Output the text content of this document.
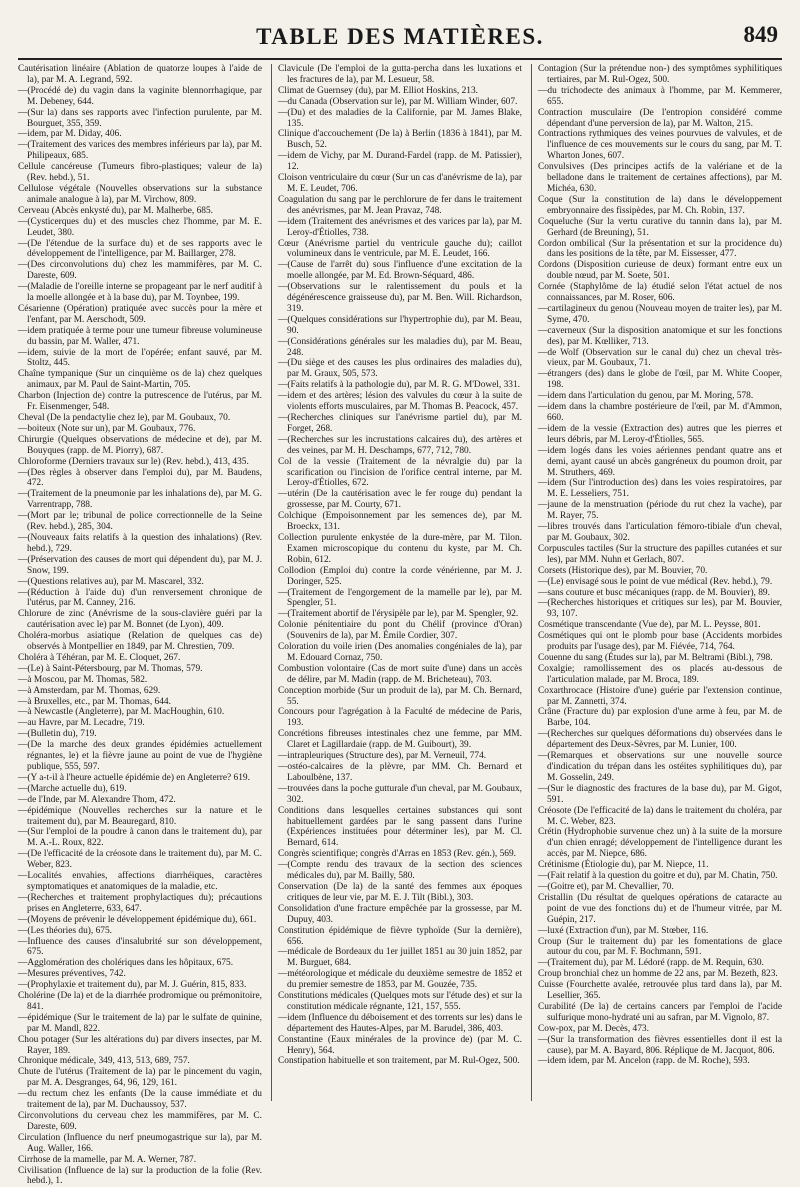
TABLE DES MATIÈRES.	849

Cautérisation linéaire (Ablation de quatorze loupes à l'aide de la), par M. A. Legrand, 592.

—(Procédé de) du vagin dans la vaginite blennorrhagique, par M. Debeney, 644.

—(Sur la) dans ses rapports avec l'infection purulente, par M. Bourguet, 355, 359.

—idem, par M. Diday, 406.

—(Traitement des varices des membres inférieurs par la), par M. Philipeaux, 685.

Cellule cancéreuse (Tumeurs fibro-plastiques; valeur de la) (Rev. hebd.), 51.

Cellulose végétale (Nouvelles observations sur la substance animale analogue à la), par M. Virchow, 809.

Cerveau (Abcès enkysté du), par M. Malherbe, 685.

—(Cysticerques du) et des muscles chez l'homme, par M. E. Leudet, 380.

—(De l'étendue de la surface du) et de ses rapports avec le développement de l'intelligence, par M. Baillarger, 278.

—(Des circonvolutions du) chez les mammifères, par M. C. Dareste, 609.

—(Maladie de l'oreille interne se propageant par le nerf auditif à la moelle allongée et à la base du), par M. Toynbee, 199.

Césarienne (Opération) pratiquée avec succès pour la mère et l'enfant, par M. Aerschodt, 509.

—idem pratiquée à terme pour une tumeur fibreuse volumineuse du bassin, par M. Waller, 471.

—idem, suivie de la mort de l'opérée; enfant sauvé, par M. Stoltz, 445.

Chaîne tympanique (Sur un cinquième os de la) chez quelques animaux, par M. Paul de Saint-Martin, 705.

Charbon (Injection de) contre la putrescence de l'utérus, par M. Fr. Eisenmenger, 548.

Cheval (De la pendactylie chez le), par M. Goubaux, 70.

—boiteux (Note sur un), par M. Goubaux, 776.

Chirurgie (Quelques observations de médecine et de), par M. Bouyques (rapp. de M. Piorry), 687.

Chloroforme (Derniers travaux sur le) (Rev. hebd.), 413, 435.

—(Des règles à observer dans l'emploi du), par M. Baudens, 472.

—(Traitement de la pneumonie par les inhalations de), par M. G. Varrentrapp, 788.

—(Mort par le; tribunal de police correctionnelle de la Seine (Rev. hebd.), 285, 304.

—(Nouveaux faits relatifs à la question des inhalations) (Rev. hebd.), 729.

—(Préservation des causes de mort qui dépendent du), par M. J. Snow, 199.

—(Questions relatives au), par M. Mascarel, 332.

—(Réduction à l'aide du) d'un renversement chronique de l'utérus, par M. Canney, 216.

Chlorure de zinc (Anévrisme de la sous-clavière guéri par la cautérisation avec le) par M. Bonnet (de Lyon), 409.

Choléra-morbus asiatique (Relation de quelques cas de) observés à Montpellier en 1849, par M. Chrestien, 709.

Choléra à Téhéran, par M. E. Cloquet, 267.

—(Le) à Saint-Pétersbourg, par M. Thomas, 579.

—à Moscou, par M. Thomas, 582.

—à Amsterdam, par M. Thomas, 629.

—à Bruxelles, etc., par M. Thomas, 644.

—à Newcastle (Angleterre), par M. MacHoughin, 610.

—au Havre, par M. Lecadre, 719.

—(Bulletin du), 719.

—(De la marche des deux grandes épidémies actuellement régnantes, le) et la fièvre jaune au point de vue de l'hygiène publique, 555, 597.

—(Y a-t-il à l'heure actuelle épidémie de) en Angleterre? 619.

—(Marche actuelle du), 619.

—de l'Inde, par M. Alexandre Thom, 472.

—épidémique (Nouvelles recherches sur la nature et le traitement du), par M. Beauregard, 810.

—(Sur l'emploi de la poudre à canon dans le traitement du), par M. A.-L. Roux, 822.

—(De l'efficacité de la créosote dans le traitement du), par M. C. Weber, 823.

—Localités envahies, affections diarrhéiques, caractères symptomatiques et anatomiques de la maladie, etc.

—(Recherches et traitement prophylactiques du); précautions prises en Angleterre, 633, 647.

—(Moyens de prévenir le développement épidémique du), 661.

—(Les théories du), 675.

—Influence des causes d'insalubrité sur son développement, 675.

—Agglomération des cholériques dans les hôpitaux, 675.

—Mesures préventives, 742.

—(Prophylaxie et traitement du), par M. J. Guérin, 815, 833.

Cholérine (De la) et de la diarrhée prodromique ou prémonitoire, 841.

—épidémique (Sur le traitement de la) par le sulfate de quinine, par M. Mandl, 822.

Chou potager (Sur les altérations du) par divers insectes, par M. Rayer, 189.

Chronique médicale, 349, 413, 513, 689, 757.

Chute de l'utérus (Traitement de la) par le pincement du vagin, par M. A. Desgranges, 64, 96, 129, 161.

—du rectum chez les enfants (De la cause immédiate et du traitement de la), par M. Duchaussoy, 537.

Circonvolutions du cerveau chez les mammifères, par M. C. Dareste, 609.

Circulation (Influence du nerf pneumogastrique sur la), par M. Aug. Waller, 166.

Cirrhose de la mamelle, par M. A. Werner, 787.

Civilisation (Influence de la) sur la production de la folie (Rev. hebd.), 1.

Clavicule (De l'emploi de la gutta-percha dans les luxations et les fractures de la), par M. Lesueur, 58.

Climat de Guernsey (du), par M. Elliot Hoskins, 213.

—du Canada (Observation sur le), par M. William Winder, 607.

—(Du) et des maladies de la Californie, par M. James Blake, 135.

Clinique d'accouchement (De la) à Berlin (1836 à 1841), par M. Busch, 52.

—idem de Vichy, par M. Durand-Fardel (rapp. de M. Patissier), 12.

Cloison ventriculaire du cœur (Sur un cas d'anévrisme de la), par M. E. Leudet, 706.

Coagulation du sang par le perchlorure de fer dans le traitement des anévrismes, par M. Jean Pravaz, 748.

—idem (Traitement des anévrismes et des varices par la), par M. Leroy-d'Étiolles, 738.

Cœur (Anévrisme partiel du ventricule gauche du); caillot volumineux dans le ventricule, par M. E. Leudet, 166.

—(Cause de l'arrêt du) sous l'influence d'une excitation de la moelle allongée, par M. Ed. Brown-Séquard, 486.

—(Observations sur le ralentissement du pouls et la dégénérescence graisseuse du), par M. Ben. Will. Richardson, 319.

—(Quelques considérations sur l'hypertrophie du), par M. Beau, 90.

—(Considérations générales sur les maladies du), par M. Beau, 248.

—(Du siège et des causes les plus ordinaires des maladies du), par M. Graux, 505, 573.

—(Faits relatifs à la pathologie du), par M. R. G. M'Dowel, 331.

—idem et des artères; lésion des valvules du cœur à la suite de violents efforts musculaires, par M. Thomas B. Peacock, 457.

—(Recherches cliniques sur l'anévrisme partiel du), par M. Forget, 268.

—(Recherches sur les incrustations calcaires du), des artères et des veines, par M. H. Deschamps, 677, 712, 780.

Col de la vessie (Traitement de la névralgie du) par la scarification ou l'incision de l'orifice central interne, par M. Leroy-d'Étiolles, 672.

—utérin (De la cautérisation avec le fer rouge du) pendant la grossesse, par M. Courty, 671.

Colchique (Empoisonnement par les semences de), par M. Broeckx, 131.

Collection purulente enkystée de la dure-mère, par M. Tilon. Examen microscopique du contenu du kyste, par M. Ch. Robin, 612.

Collodion (Emploi du) contre la corde vénérienne, par M. J. Doringer, 525.

—(Traitement de l'engorgement de la mamelle par le), par M. Spengler, 51.

—(Traitement abortif de l'érysipèle par le), par M. Spengler, 92.

Colonie pénitentiaire du pont du Chélif (province d'Oran) (Souvenirs de la), par M. Émile Cordier, 307.

Coloration du voile irien (Des anomalies congéniales de la), par M. Edouard Cornaz, 750.

Combustion volontaire (Cas de mort suite d'une) dans un accès de délire, par M. Madin (rapp. de M. Bricheteau), 703.

Conception morbide (Sur un produit de la), par M. Ch. Bernard, 55.

Concours pour l'agrégation à la Faculté de médecine de Paris, 193.

Concrétions fibreuses intestinales chez une femme, par MM. Claret et Lagillardaie (rapp. de M. Guibourt), 39.

—intrapleuriques (Structure des), par M. Verneuil, 774.

—ostéo-calcaires de la plèvre, par MM. Ch. Bernard et Laboulbène, 137.

—trouvées dans la poche gutturale d'un cheval, par M. Goubaux, 302.

Conditions dans lesquelles certaines substances qui sont habituellement gardées par le sang passent dans l'urine (Expériences instituées pour déterminer les), par M. Cl. Bernard, 614.

Congrès scientifique; congrès d'Arras en 1853 (Rev. gén.), 569.

—(Compte rendu des travaux de la section des sciences médicales du), par M. Bailly, 580.

Conservation (De la) de la santé des femmes aux époques critiques de leur vie, par M. E. J. Tilt (Bibl.), 303.

Consolidation d'une fracture empêchée par la grossesse, par M. Dupuy, 403.

Constitution épidémique de fièvre typhoïde (Sur la dernière), 656.

—médicale de Bordeaux du 1er juillet 1851 au 30 juin 1852, par M. Burguet, 684.

—météorologique et médicale du deuxième semestre de 1852 et du premier semestre de 1853, par M. Gouzée, 735.

Constitutions médicales (Quelques mots sur l'étude des) et sur la constitution médicale régnante, 121, 157, 555.

—idem (Influence du déboisement et des torrents sur les) dans le département des Hautes-Alpes, par M. Barudel, 386, 403.

Constantine (Eaux minérales de la province de) (par M. C. Henry), 564.

Constipation habituelle et son traitement, par M. Rul-Ogez, 500.

Contagion (Sur la prétendue non-) des symptômes syphilitiques tertiaires, par M. Rul-Ogez, 500.

—du trichodecte des animaux à l'homme, par M. Kemmerer, 655.

Contraction musculaire (De l'entropion considéré comme dépendant d'une perversion de la), par M. Walton, 215.

Contractions rythmiques des veines pourvues de valvules, et de l'influence de ces mouvements sur le cours du sang, par M. T. Wharton Jones, 607.

Convulsives (Des principes actifs de la valériane et de la belladone dans le traitement de certaines affections), par M. Michéa, 630.

Coque (Sur la constitution de la) dans le développement embryonnaire des fissipèdes, par M. Ch. Robin, 137.

Coqueluche (Sur la vertu curative du tannin dans la), par M. Gerhard (de Breuning), 51.

Cordon ombilical (Sur la présentation et sur la procidence du) dans les positions de la tête, par M. Eissesser, 477.

Cordons (Disposition curieuse de deux) formant entre eux un double nœud, par M. Soete, 501.

Cornée (Staphylôme de la) étudié selon l'état actuel de nos connaissances, par M. Roser, 606.

—cartilagineux du genou (Nouveau moyen de traiter les), par M. Syme, 470.

—caverneux (Sur la disposition anatomique et sur les fonctions des), par M. Kœlliker, 713.

—de Wolf (Observation sur le canal du) chez un cheval très-vieux, par M. Goubaux, 71.

—étrangers (des) dans le globe de l'œil, par M. White Cooper, 198.

—idem dans l'articulation du genou, par M. Moring, 578.

—idem dans la chambre postérieure de l'œil, par M. d'Ammon, 660.

—idem de la vessie (Extraction des) autres que les pierres et leurs débris, par M. Leroy-d'Étiolles, 565.

—idem logés dans les voies aériennes pendant quatre ans et demi, ayant causé un abcès gangréneux du poumon droit, par M. Struthers, 469.

—idem (Sur l'introduction des) dans les voies respiratoires, par M. E. Lesseliers, 751.

—jaune de la menstruation (période du rut chez la vache), par M. Rayer, 75.

—libres trouvés dans l'articulation fémoro-tibiale d'un cheval, par M. Goubaux, 302.

Corpuscules tactiles (Sur la structure des papilles cutanées et sur les), par MM. Nuhn et Gerlach, 807.

Corsets (Historique des), par M. Bouvier, 70.

—(Le) envisagé sous le point de vue médical (Rev. hebd.), 79.

—sans couture et busc mécaniques (rapp. de M. Bouvier), 89.

—(Recherches historiques et critiques sur les), par M. Bouvier, 93, 107.

Cosmétique transcendante (Vue de), par M. L. Peysse, 801.

Cosmétiques qui ont le plomb pour base (Accidents morbides produits par l'usage des), par M. Fiévée, 714, 764.

Couenne du sang (Études sur la), par M. Beltrami (Bibl.), 798.

Coxalgie; ramollissement des os placés au-dessous de l'articulation malade, par M. Broca, 189.

Coxarthrocace (Histoire d'une) guérie par l'extension continue, par M. Zannetti, 374.

Crâne (Fracture du) par explosion d'une arme à feu, par M. de Barbe, 104.

—(Recherches sur quelques déformations du) observées dans le département des Deux-Sèvres, par M. Lunier, 100.

—(Remarques et observations sur une nouvelle source d'indication du trépan dans les ostéites syphilitiques du), par M. Gosselin, 249.

—(Sur le diagnostic des fractures de la base du), par M. Gigot, 591.

Créosote (De l'efficacité de la) dans le traitement du choléra, par M. C. Weber, 823.

Crétin (Hydrophobie survenue chez un) à la suite de la morsure d'un chien enragé; développement de l'intelligence durant les accès, par M. Niepce, 686.

Crétinisme (Étiologie du), par M. Niepce, 11.

—(Fait relatif à la question du goitre et du), par M. Chatin, 750.

—(Goitre et), par M. Chevallier, 70.

Cristallin (Du résultat de quelques opérations de cataracte au point de vue des fonctions du) et de l'humeur vitrée, par M. Guépin, 217.

—luxé (Extraction d'un), par M. Stœber, 116.

Croup (Sur le traitement du) par les fomentations de glace autour du cou, par M. F. Bochmann, 591.

—(Traitement du), par M. Lédoré (rapp. de M. Requin, 630.

Croup bronchial chez un homme de 22 ans, par M. Bezeth, 823.

Cuisse (Fourchette avalée, retrouvée plus tard dans la), par M. Lesellier, 365.

Curabilité (De la) de certains cancers par l'emploi de l'acide sulfurique mono-hydraté uni au safran, par M. Vignolo, 87.

Cow-pox, par M. Decès, 473.

—(Sur la transformation des fièvres essentielles dont il est la cause), par M. A. Bayard, 806. Réplique de M. Jacquot, 806.

—idem idem, par M. Ancelon (rapp. de M. Roche), 593.
